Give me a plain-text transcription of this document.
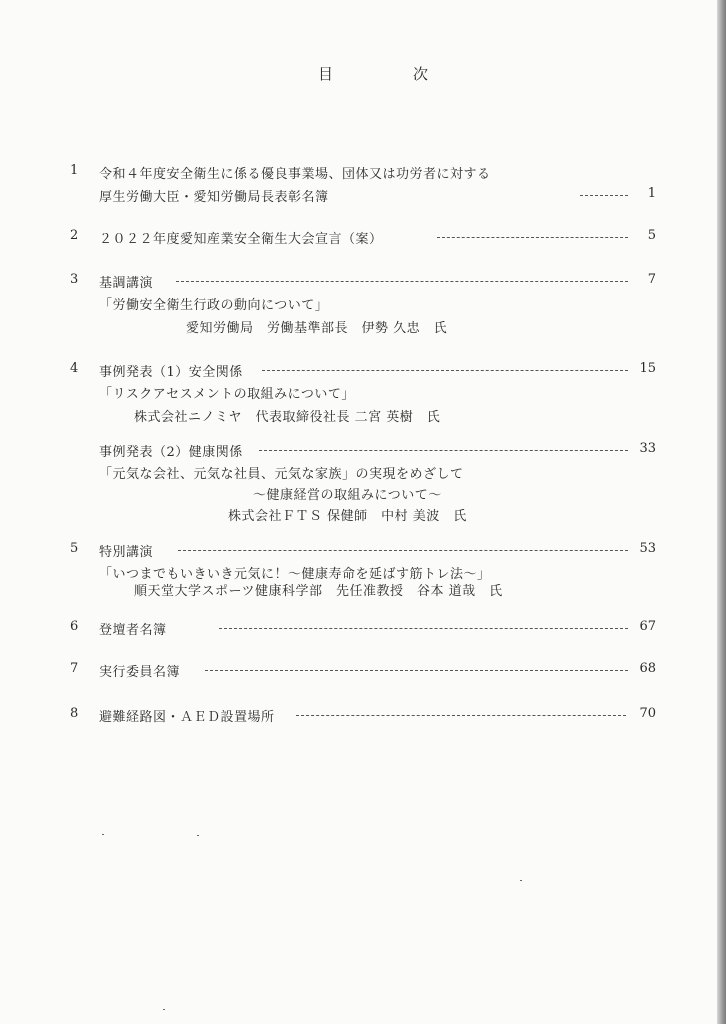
目	次
1 令和４年度安全衛生に係る優良事業場、団体又は功労者に対する
厚生労働大臣・愛知労働局長表彰名簿	1
2 ２０２２年度愛知産業安全衛生大会宣言（案）	5
3 基調講演	7
「労働安全衛生行政の動向について」
愛知労働局　労働基準部長　伊勢 久忠　氏
4 事例発表（1）安全関係	15
「リスクアセスメントの取組みについて」
株式会社ニノミヤ　代表取締役社長 二宮 英樹　氏
事例発表（2）健康関係	33
「元気な会社、元気な社員、元気な家族」の実現をめざして
～健康経営の取組みについて～
株式会社ＦＴＳ 保健師　中村 美波　氏
5 特別講演	53
「いつまでもいきいき元気に！～健康寿命を延ばす筋トレ法～」
順天堂大学スポーツ健康科学部　先任准教授　谷本 道哉　氏
6 登壇者名簿	67
7 実行委員名簿	68
8 避難経路図・ＡＥＤ設置場所	70
